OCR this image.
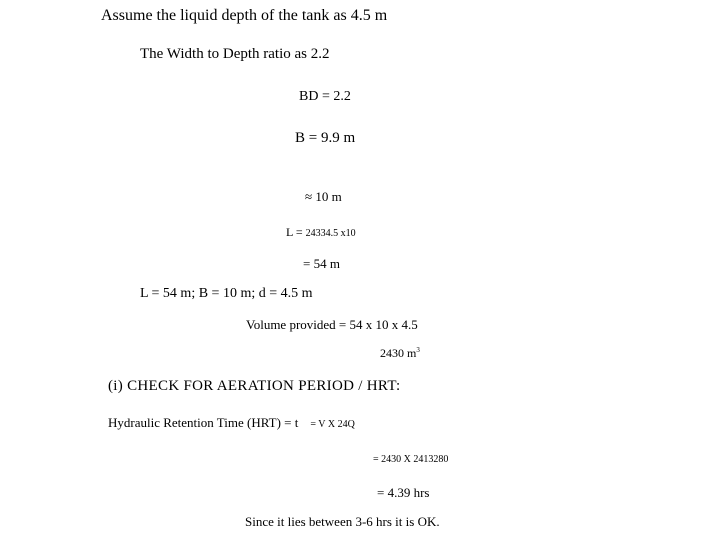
Assume the liquid depth of the tank as 4.5 m
The Width to Depth ratio as 2.2
BD = 2.2
B = 9.9 m
≈ 10 m
L = 24334.5 x10
= 54 m
L = 54 m; B = 10 m; d = 4.5 m
Volume provided = 54 x 10 x 4.5
2430 $m^3$
(i) CHECK FOR AERATION PERIOD / HRT:
Hydraulic Retention Time (HRT) = t = V X 24Q
= 2430 X 2413280
= 4.39 hrs
Since it lies between 3-6 hrs it is OK.
